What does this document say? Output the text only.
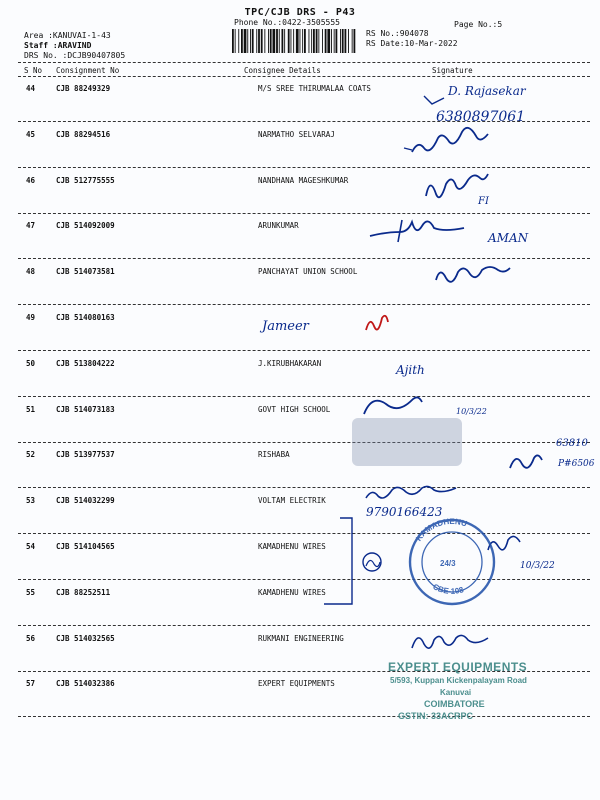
TPC/CJB DRS - P43
Phone No.:0422-3505555	Page No.:5
Area :KANUVAI-1-43
Staff :ARAVIND
DRS No. :DCJB90407805
RS No.:904078
RS Date:10-Mar-2022
S No Consignment No	Consignee Details	Signature
44	CJB 88249329	M/S SREE THIRUMALAA COATS
45	CJB 88294516	NARMATHO SELVARAJ
46	CJB 512775555	NANDHANA MAGESHKUMAR
47	CJB 514092009	ARUNKUMAR
48	CJB 514073581	PANCHAYAT UNION SCHOOL
49	CJB 514080163
50	CJB 513804222	J.KIRUBHAKARAN
51	CJB 514073183	GOVT HIGH SCHOOL
52	CJB 513977537	RISHABA
53	CJB 514032299	VOLTAM ELECTRIK
54	CJB 514104565	KAMADHENU WIRES
55	CJB 88252511	KAMADHENU WIRES
56	CJB 514032565	RUKMANI ENGINEERING
57	CJB 514032386	EXPERT EQUIPMENTS
D. Rajasekar
6380897061
FI
AMAN
Jameer
Ajith
10/3/22
63810
P#6506
9790166423
10/3/22
KAMADHENU
CBE-108
24/3
EXPERT EQUIPMENTS
5/593, Kuppan Kickenpalayam Road
Kanuvai
COIMBATORE
GSTIN: 33ACRPC
